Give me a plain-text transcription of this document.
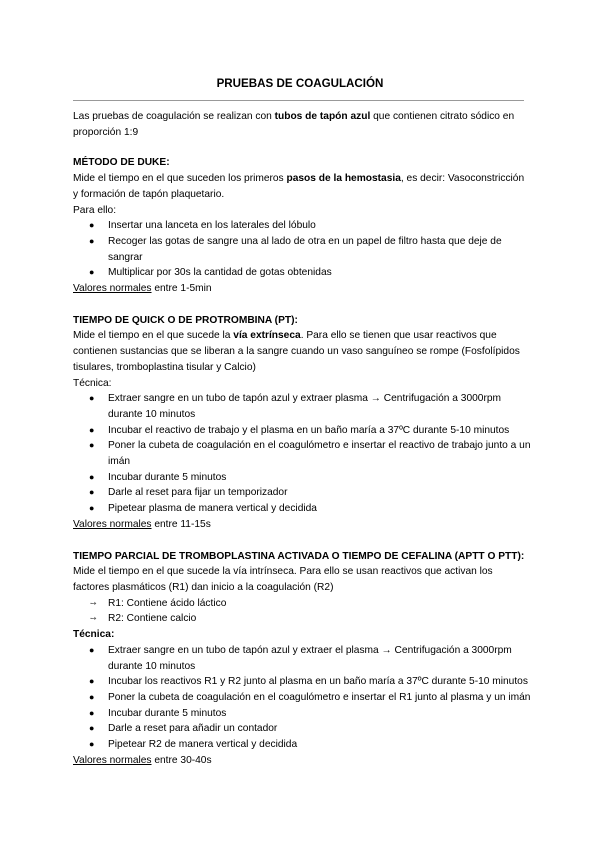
PRUEBAS DE COAGULACIÓN

Las pruebas de coagulación se realizan con tubos de tapón azul que contienen citrato sódico en proporción 1:9

MÉTODO DE DUKE:

Mide el tiempo en el que suceden los primeros pasos de la hemostasia, es decir: Vasoconstricción y formación de tapón plaquetario.

Para ello:

● Insertar una lanceta en los laterales del lóbulo
● Recoger las gotas de sangre una al lado de otra en un papel de filtro hasta que deje de sangrar
● Multiplicar por 30s la cantidad de gotas obtenidas

Valores normales entre 1-5min

TIEMPO DE QUICK O DE PROTROMBINA (PT):

Mide el tiempo en el que sucede la vía extrínseca. Para ello se tienen que usar reactivos que contienen sustancias que se liberan a la sangre cuando un vaso sanguíneo se rompe (Fosfolípidos tisulares, tromboplastina tisular y Calcio)

Técnica:

● Extraer sangre en un tubo de tapón azul y extraer plasma → Centrifugación a 3000rpm durante 10 minutos
● Incubar el reactivo de trabajo y el plasma en un baño maría a 37ºC durante 5-10 minutos
● Poner la cubeta de coagulación en el coagulómetro e insertar el reactivo de trabajo junto a un imán
● Incubar durante 5 minutos
● Darle al reset para fijar un temporizador
● Pipetear plasma de manera vertical y decidida

Valores normales entre 11-15s

TIEMPO PARCIAL DE TROMBOPLASTINA ACTIVADA O TIEMPO DE CEFALINA (APTT O PTT):

Mide el tiempo en el que sucede la vía intrínseca. Para ello se usan reactivos que activan los factores plasmáticos (R1) dan inicio a la coagulación (R2)

➙ R1: Contiene ácido láctico
➙ R2: Contiene calcio

Técnica:

● Extraer sangre en un tubo de tapón azul y extraer el plasma → Centrifugación a 3000rpm durante 10 minutos
● Incubar los reactivos R1 y R2 junto al plasma en un baño maría a 37ºC durante 5-10 minutos
● Poner la cubeta de coagulación en el coagulómetro e insertar el R1 junto al plasma y un imán
● Incubar durante 5 minutos
● Darle a reset para añadir un contador
● Pipetear R2 de manera vertical y decidida

Valores normales entre 30-40s
